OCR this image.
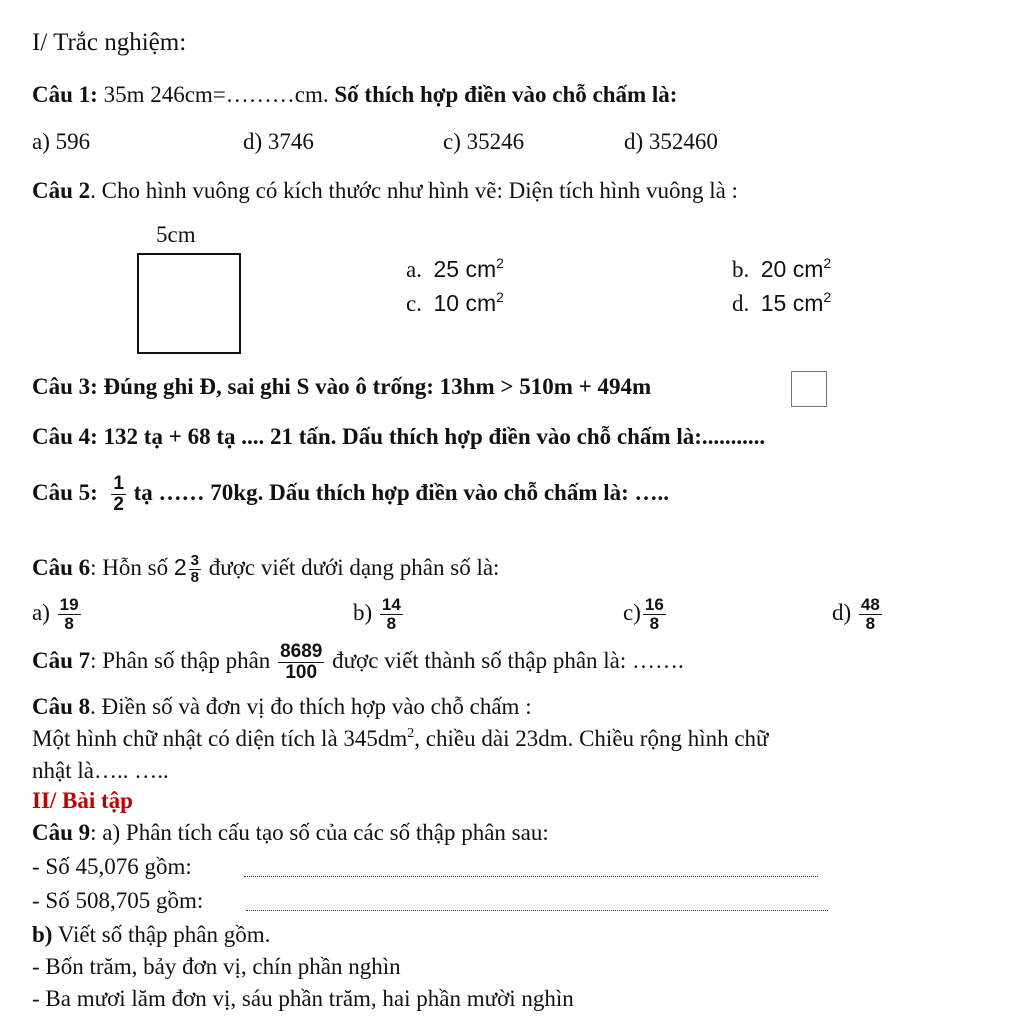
I/ Trắc nghiệm:
Câu 1: 35m 246cm=………cm. Số thích hợp điền vào chỗ chấm là:
a) 596	d) 3746	c) 35246	d) 352460
Câu 2. Cho hình vuông có kích thước như hình vẽ: Diện tích hình vuông là :
5cm
a. 25 $cm^2$	b. 20 $cm^2$
c. 10 $cm^2$	d. 15 $cm^2$
Câu 3: Đúng ghi Đ, sai ghi S vào ô trống: 13hm > 510m + 494m
Câu 4: 132 tạ + 68 tạ .... 21 tấn. Dấu thích hợp điền vào chỗ chấm là:...........
Câu 5: $\frac{1}{2}$ tạ …… 70kg. Dấu thích hợp điền vào chỗ chấm là: …..
Câu 6: Hỗn số $2 \frac{3}{8}$ được viết dưới dạng phân số là:
$a) \frac{19}{8}$	$b) \frac{14}{8}$	$c) \frac{16}{8}$	$d) \frac{48}{8}$
Câu 7: Phân số thập phân $\frac{8689}{100}$ được viết thành số thập phân là: …….
Câu 8. Điền số và đơn vị đo thích hợp vào chỗ chấm :
Một hình chữ nhật có diện tích là $345dm^2$, chiều dài 23dm. Chiều rộng hình chữ
nhật là….. …..
II/ Bài tập
Câu 9: a) Phân tích cấu tạo số của các số thập phân sau:
- Số 45,076 gồm:
- Số 508,705 gồm:
b) Viết số thập phân gồm.
- Bốn trăm, bảy đơn vị, chín phần nghìn
- Ba mươi lăm đơn vị, sáu phần trăm, hai phần mười nghìn
